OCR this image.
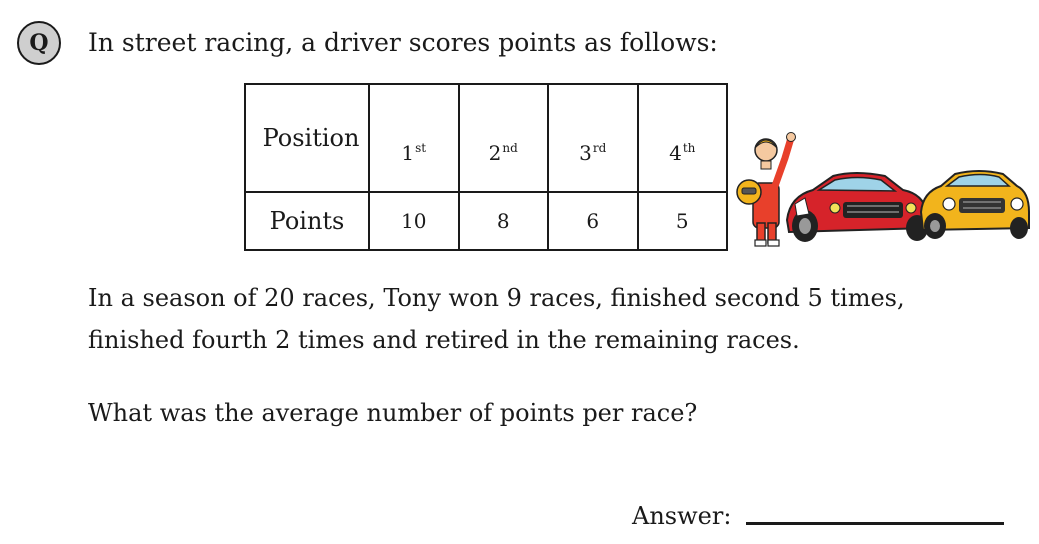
Q	In street racing, a driver scores points as follows:
Position	1st	2nd	3rd	4th
Points	10	8	6	5
In a season of 20 races, Tony won 9 races, finished second 5 times,
finished fourth 2 times and retired in the remaining races.
What was the average number of points per race?
Answer:
